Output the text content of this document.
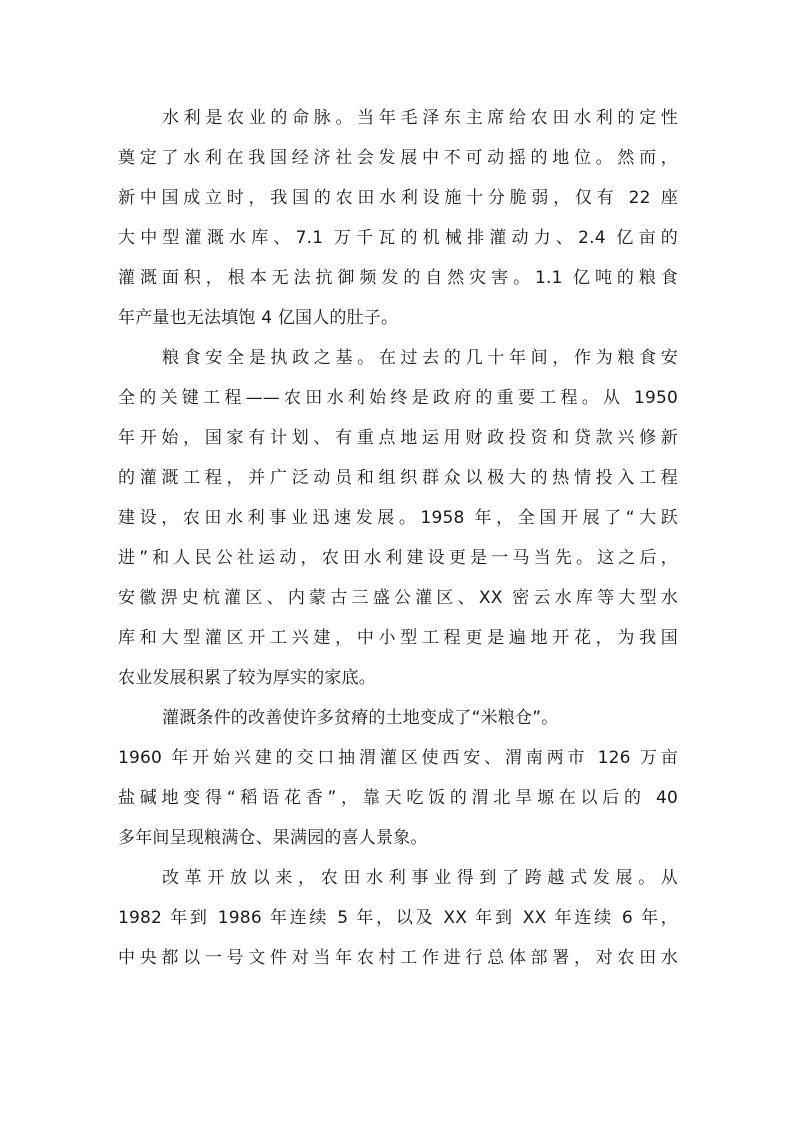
水利是农业的命脉。当年毛泽东主席给农田水利的定性
奠定了水利在我国经济社会发展中不可动摇的地位。然而，
新中国成立时，我国的农田水利设施十分脆弱，仅有 22 座
大中型灌溉水库、7.1 万千瓦的机械排灌动力、2.4 亿亩的
灌溉面积，根本无法抗御频发的自然灾害。1.1 亿吨的粮食
年产量也无法填饱 4 亿国人的肚子。
粮食安全是执政之基。在过去的几十年间，作为粮食安
全的关键工程——农田水利始终是政府的重要工程。从 1950
年开始，国家有计划、有重点地运用财政投资和贷款兴修新
的灌溉工程，并广泛动员和组织群众以极大的热情投入工程
建设，农田水利事业迅速发展。1958 年，全国开展了“大跃
进”和人民公社运动，农田水利建设更是一马当先。这之后，
安徽淠史杭灌区、内蒙古三盛公灌区、XX 密云水库等大型水
库和大型灌区开工兴建，中小型工程更是遍地开花，为我国
农业发展积累了较为厚实的家底。
灌溉条件的改善使许多贫瘠的土地变成了“米粮仓”。
1960 年开始兴建的交口抽渭灌区使西安、渭南两市 126 万亩
盐碱地变得“稻语花香”，靠天吃饭的渭北旱塬在以后的 40
多年间呈现粮满仓、果满园的喜人景象。
改革开放以来，农田水利事业得到了跨越式发展。从
1982 年到 1986 年连续 5 年，以及 XX 年到 XX 年连续 6 年，
中央都以一号文件对当年农村工作进行总体部署，对农田水
